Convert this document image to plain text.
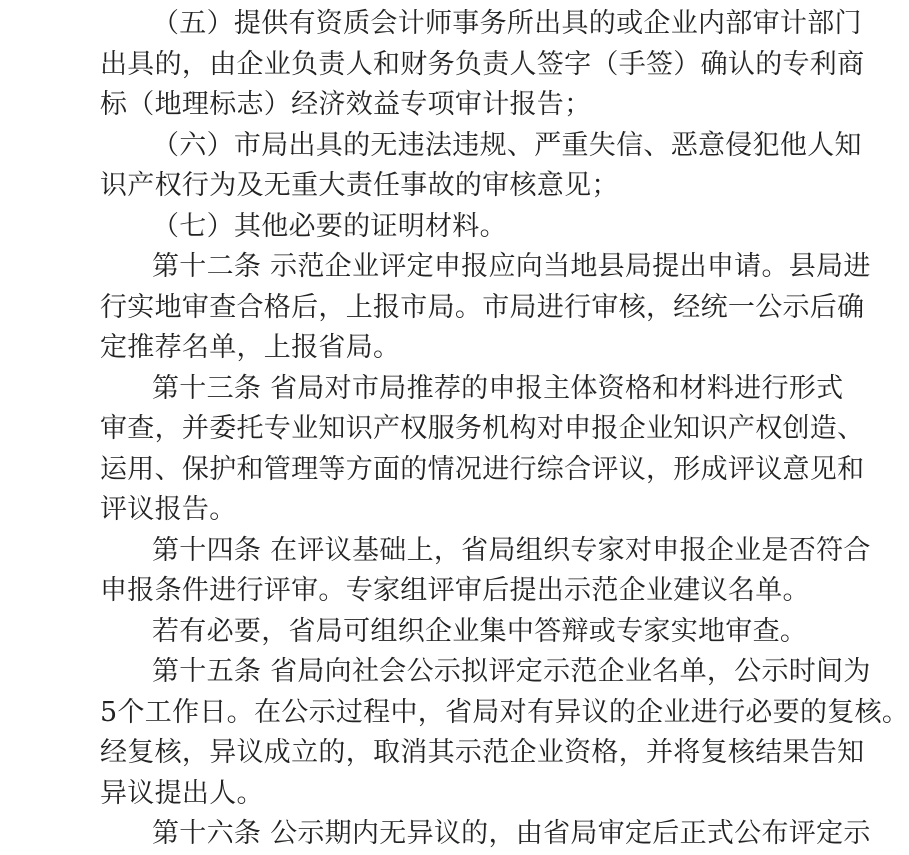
（五）提供有资质会计师事务所出具的或企业内部审计部门
出具的，由企业负责人和财务负责人签字（手签）确认的专利商
标（地理标志）经济效益专项审计报告；
（六）市局出具的无违法违规、严重失信、恶意侵犯他人知
识产权行为及无重大责任事故的审核意见；
（七）其他必要的证明材料。
第十二条 示范企业评定申报应向当地县局提出申请。县局进
行实地审查合格后，上报市局。市局进行审核，经统一公示后确
定推荐名单，上报省局。
第十三条 省局对市局推荐的申报主体资格和材料进行形式
审查，并委托专业知识产权服务机构对申报企业知识产权创造、
运用、保护和管理等方面的情况进行综合评议，形成评议意见和
评议报告。
第十四条 在评议基础上，省局组织专家对申报企业是否符合
申报条件进行评审。专家组评审后提出示范企业建议名单。
若有必要，省局可组织企业集中答辩或专家实地审查。
第十五条 省局向社会公示拟评定示范企业名单，公示时间为
5个工作日。在公示过程中，省局对有异议的企业进行必要的复核。
经复核，异议成立的，取消其示范企业资格，并将复核结果告知
异议提出人。
第十六条 公示期内无异议的，由省局审定后正式公布评定示
